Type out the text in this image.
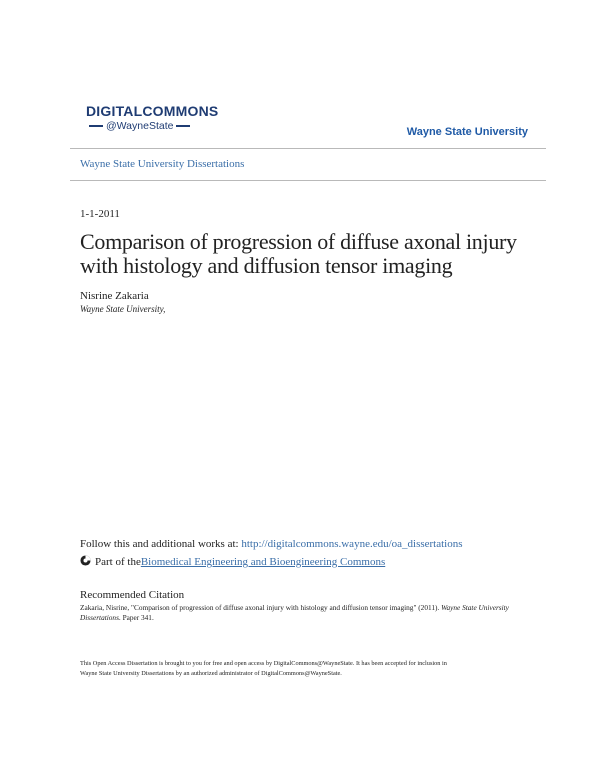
DIGITALCOMMONS
@WayneState	Wayne State University
Wayne State University Dissertations
1-1-2011
Comparison of progression of diffuse axonal injury with histology and diffusion tensor imaging
Nisrine Zakaria
Wayne State University,
Follow this and additional works at: http://digitalcommons.wayne.edu/oa_dissertations
Part of the Biomedical Engineering and Bioengineering Commons
Recommended Citation
Zakaria, Nisrine, "Comparison of progression of diffuse axonal injury with histology and diffusion tensor imaging" (2011). Wayne State University Dissertations. Paper 341.
This Open Access Dissertation is brought to you for free and open access by DigitalCommons@WayneState. It has been accepted for inclusion in
Wayne State University Dissertations by an authorized administrator of DigitalCommons@WayneState.
